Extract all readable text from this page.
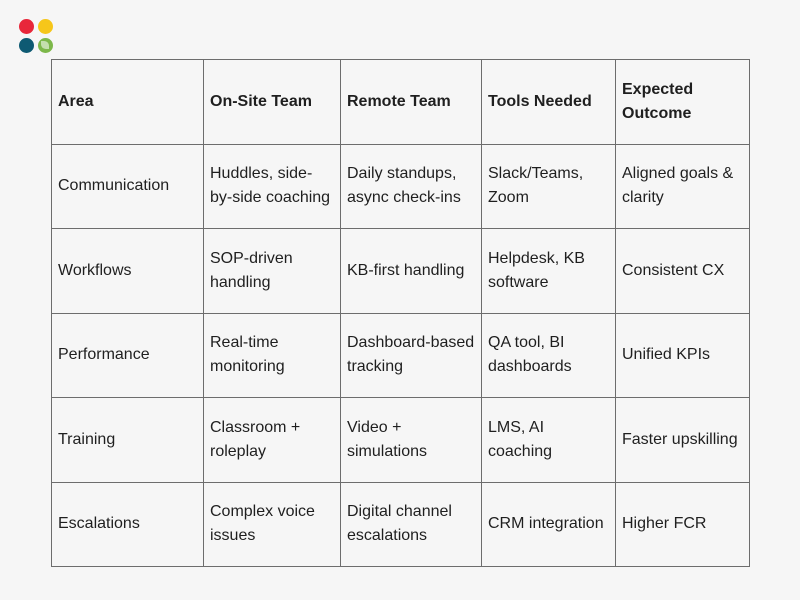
Area	On-Site Team	Remote Team	Tools Needed	Expected Outcome
Communication	Huddles, side-by-side coaching	Daily standups, async check-ins	Slack/Teams, Zoom	Aligned goals & clarity
Workflows	SOP-driven handling	KB-first handling	Helpdesk, KB software	Consistent CX
Performance	Real-time monitoring	Dashboard-based tracking	QA tool, BI dashboards	Unified KPIs
Training	Classroom + roleplay	Video + simulations	LMS, AI coaching	Faster upskilling
Escalations	Complex voice issues	Digital channel escalations	CRM integration	Higher FCR
